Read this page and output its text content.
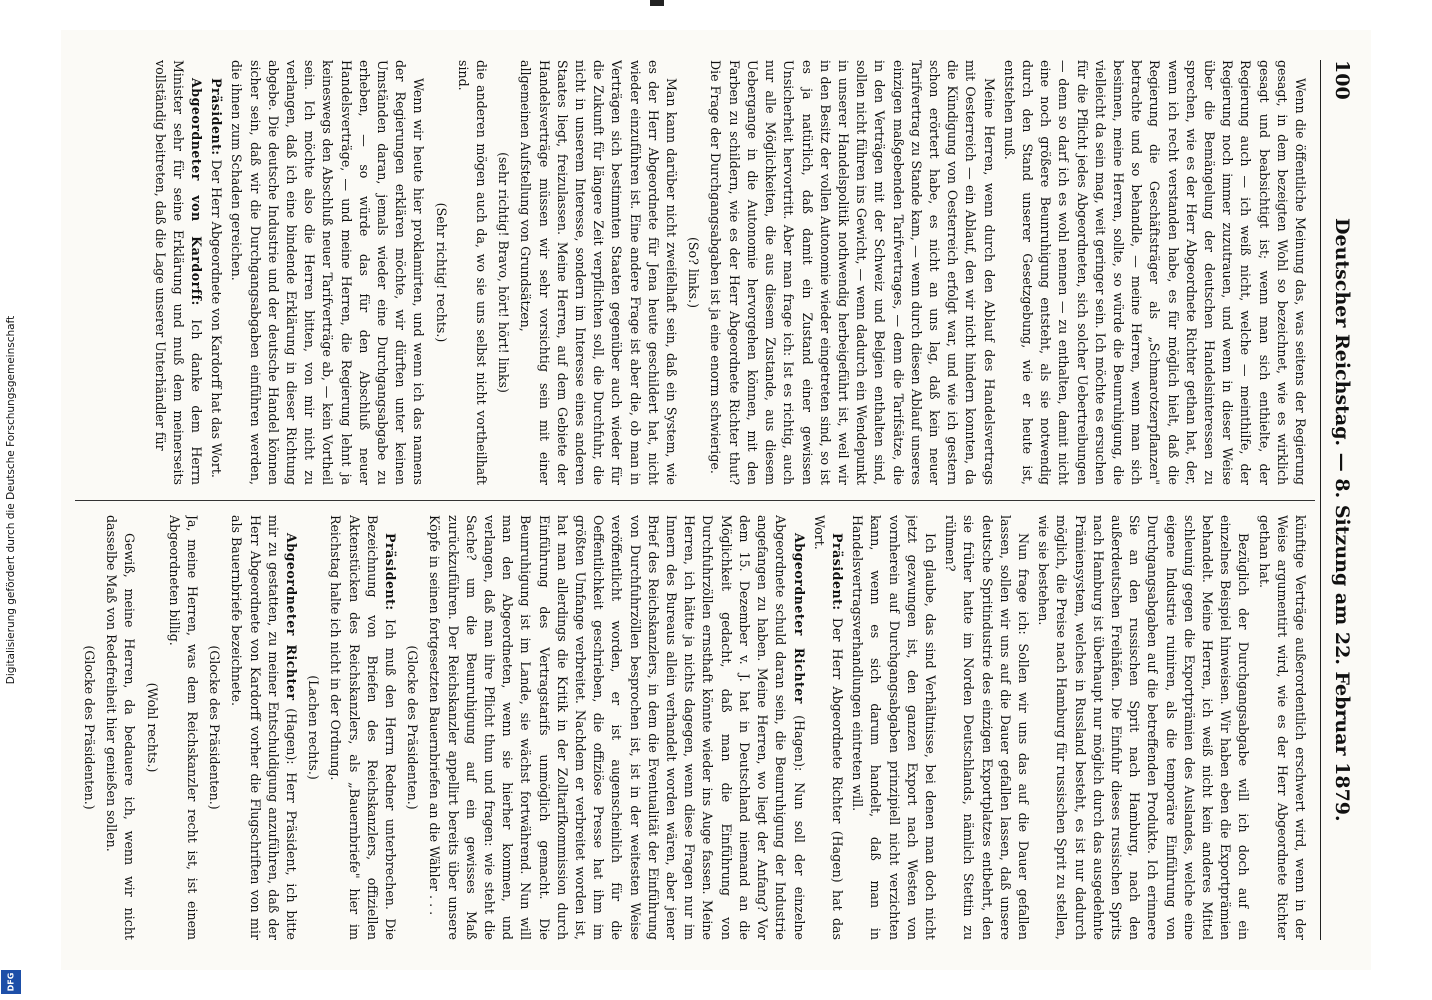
Digitalisierung gefördert durch die Deutsche Forschungsgemeinschaft
DFG
100
Deutscher Reichstag. — 8. Sitzung am 22. Februar 1879.

Wenn die öffentliche Meinung das, was seitens der Regierung gesagt, in dem bezeigten Wohl so bezeichnet, wie es wirklich gesagt und beabsichtigt ist; wenn man sich enthielte, der Regierung auch — ich weiß nicht, welche — meinthilfe, der Regierung noch immer zuzutrauen, und wenn in dieser Weise über die Bemängelung der deutschen Handelsinteressen zu sprechen, wie es der Herr Abgeordnete Richter gethan hat, der, wenn ich recht verstanden habe, es für möglich hielt, daß die Regierung die Geschäftsträger als „Schmarotzerpflanzen" betrachte und so behandle, — meine Herren, wenn man sich besinnen, meine Herren, sollte, so würde die Beunruhigung, die vielleicht da sein mag, weit geringer sein. Ich möchte es ersuchen für die Pflicht jedes Abgeordneten, sich solcher Uebertreibungen — denn so darf ich es wohl nennen — zu enthalten, damit nicht eine noch größere Beunruhigung entsteht, als sie notwendig durch den Stand unserer Gesetzgebung, wie er heute ist, entstehen muß.

Meine Herren, wenn durch den Ablauf des Handelsvertrags mit Oesterreich — ein Ablauf, den wir nicht hindern konnten, da die Kündigung von Oesterreich erfolgt war, und wie ich gestern schon erörtert habe, es nicht an uns lag, daß kein neuer Tarifvertrag zu Stande kam, — wenn durch diesen Ablauf unseres einzigen maßgebenden Tarifvertrages, — denn die Tarifsätze, die in den Verträgen mit der Schweiz und Belgien enthalten sind, sollen nicht führen ins Gewicht, — wenn dadurch ein Wendepunkt in unserer Handelspolitik nothwendig herbeigeführt ist, weil wir in den Besitz der vollen Autonomie wieder eingetreten sind, so ist es ja natürlich, daß damit ein Zustand einer gewissen Unsicherheit hervortritt. Aber man frage ich: Ist es richtig, auch nur alle Möglichkeiten, die aus diesem Zustande, aus diesem Uebergange in die Autonomie hervorgehen können, mit den Farben zu schildern, wie es der Herr Abgeordnete Richter thut? Die Frage der Durchgangsabgaben ist ja eine enorm schwierige.

(So? links.)

Man kann darüber nicht zweifelhaft sein, daß ein System, wie es der Herr Abgeordnete für Jena heute geschildert hat, nicht wieder einzuführen ist. Eine andere Frage ist aber die, ob man in Verträgen sich bestimmten Staaten gegenüber auch wieder für die Zukunft für längere Zeit verpflichten soll, die Durchfuhr, die nicht in unserem Interesse, sondern im Interesse eines anderen Staates liegt, freizulassen. Meine Herren, auf dem Gebiete der Handelsverträge müssen wir sehr vorsichtig sein mit einer allgemeinen Aufstellung von Grundsätzen,

(sehr richtig! Bravo, hört! hört! links)

die anderen mögen auch da, wo sie uns selbst nicht vortheilhaft sind.

(Sehr richtig! rechts.)

Wenn wir heute hier proklamirten, und wenn ich das namens der Regierungen erklären möchte, wir dürften unter keinen Umständen daran, jemals wieder eine Durchgangsabgabe zu erheben, — so würde das für den Abschluß neuer Handelsverträge, — und meine Herren, die Regierung lehnt ja keineswegs den Abschluß neuer Tarifverträge ab, — kein Vortheil sein. Ich möchte also die Herren bitten, von mir nicht zu verlangen, daß ich eine bindende Erklärung in dieser Richtung abgebe. Die deutsche Industrie und der deutsche Handel können sicher sein, daß wir die Durchgangsabgaben einführen werden, die ihnen zum Schaden gereichen.

Präsident: Der Herr Abgeordnete von Kardorff hat das Wort.

Abgeordneter von Kardorff: Ich danke dem Herrn Minister sehr für seine Erklärung und muß dem meinerseits vollständig beitreten, daß die Lage unserer Unterhändler für

künftige Verträge außerordentlich erschwert wird, wenn in der Weise argumentirt wird, wie es der Herr Abgeordnete Richter gethan hat.

Bezüglich der Durchgangsabgabe will ich doch auf ein einzelnes Beispiel hinweisen. Wir haben eben die Exportprämien behandelt. Meine Herren, ich weiß nicht kein anderes Mittel schleunig gegen die Exportprämien des Auslandes, welche eine eigene Industrie ruiniren, als die temporäre Einführung von Durchgangsabgaben auf die betreffenden Produkte. Ich erinnere Sie an den russischen Sprit nach Hamburg, nach den außerdeutschen Freihäfen. Die Einfuhr dieses russischen Sprits nach Hamburg ist überhaupt nur möglich durch das ausgedehnte Prämiensystem, welches in Russland besteht, es ist nur dadurch möglich, die Preise nach Hamburg für russischen Sprit zu stellen, wie sie bestehen.

Nun frage ich: Sollen wir uns das auf die Dauer gefallen lassen, sollen wir uns auf die Dauer gefallen lassen, daß unsere deutsche Spritindustrie des einzigen Exportplatzes entbehrt, den sie früher hatte im Norden Deutschlands, nämlich Stettin zu rühmen?

Ich glaube, das sind Verhältnisse, bei denen man doch nicht jetzt gezwungen ist, den ganzen Export nach Westen von vornherein auf Durchgangsabgaben prinzipiell nicht verzichten kann, wenn es sich darum handelt, daß man in Handelsvertragsverhandlungen eintreten will.

Präsident: Der Herr Abgeordnete Richter (Hagen) hat das Wort.

Abgeordneter Richter (Hagen): Nun soll der einzelne Abgeordnete schuld daran sein, die Beunruhigung der Industrie angefangen zu haben. Meine Herren, wo liegt der Anfang? Vor dem 15. Dezember v. J. hat in Deutschland niemand an die Möglichkeit gedacht, daß man die Einführung von Durchfuhrzöllen ernsthaft könnte wieder ins Auge fassen. Meine Herren, ich hätte ja nichts dagegen, wenn diese Fragen nur im Innern des Bureaus allein verhandelt worden wären, aber jener Brief des Reichskanzlers, in dem die Eventualität der Einführung von Durchfuhrzöllen besprochen ist, ist in der weitesten Weise veröffentlicht worden, er ist augenscheinlich für die Oeffentlichkeit geschrieben, die offiziöse Presse hat ihm im größten Umfange verbreitet. Nachdem er verbreitet worden ist, hat man allerdings die Kritik in der Zolltarifkommission durch Einführung des Vertragstarifs unmöglich gemacht. Die Beunruhigung ist im Lande, sie wächst fortwährend. Nun will man den Abgeordneten, wenn sie hierher kommen, und verlangen, daß man ihre Pflicht thun und fragen: wie steht die Sache? um die Beunruhigung auf ein gewisses Maß zurückzuführen. Der Reichskanzler appellirt bereits über unsere Köpfe in seinen fortgesetzten Bauernbriefen an die Wähler . . .

(Glocke des Präsidenten.)

Präsident: Ich muß den Herrn Redner unterbrechen. Die Bezeichnung von Briefen des Reichskanzlers, offiziellen Aktenstücken des Reichskanzlers, als „Bauernbriefe" hier im Reichstag halte ich nicht in der Ordnung.

(Lachen rechts.)

Abgeordneter Richter (Hagen): Herr Präsident, ich bitte mir zu gestatten, zu meiner Entschuldigung anzuführen, daß der Herr Abgeordnete von Kardorff vorher die Flugschriften von mir als Bauernbriefe bezeichnete.

(Glocke des Präsidenten.)

Ja, meine Herren, was dem Reichskanzler recht ist, ist einem Abgeordneten billig.

(Wohl rechts.)

Gewiß, meine Herren, da bedauere ich, wenn wir nicht dasselbe Maß von Redefreiheit hier genießen sollen.

(Glocke des Präsidenten.)
